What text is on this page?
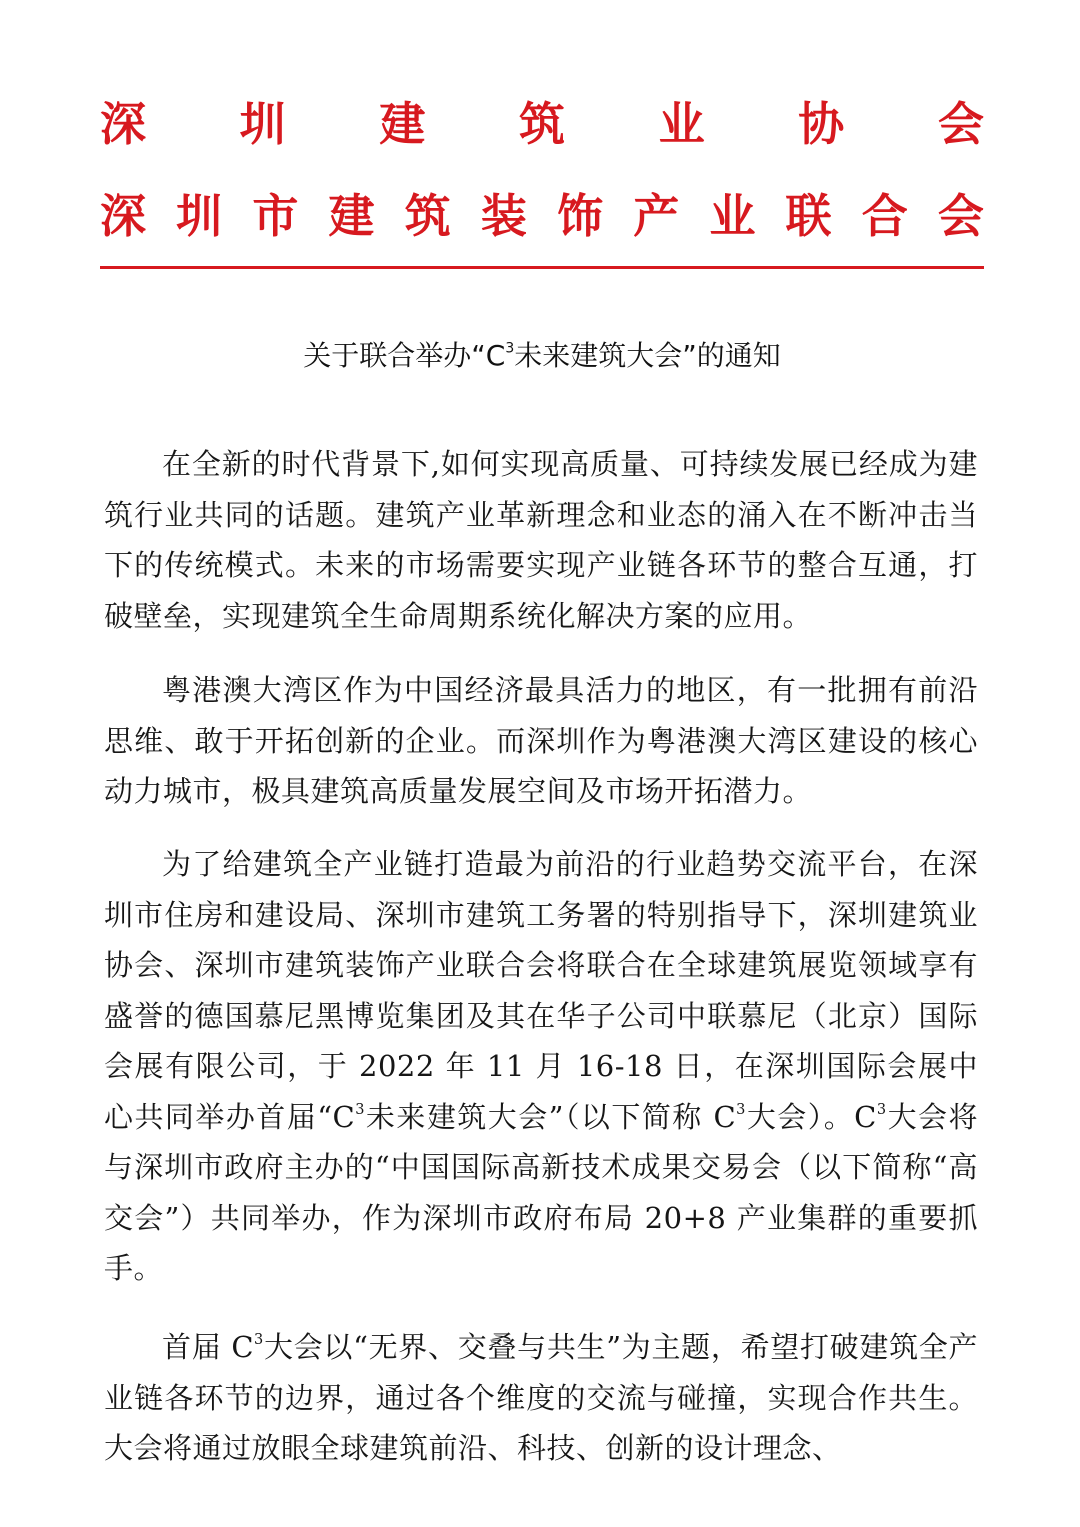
深 圳 建 筑 业 协 会
深 圳 市 建 筑 装 饰 产 业 联 合 会
关于联合举办“$C^3$未来建筑大会”的通知

在全新的时代背景下,如何实现高质量、可持续发展已经成为建筑行业共同的话题。建筑产业革新理念和业态的涌入在不断冲击当下的传统模式。未来的市场需要实现产业链各环节的整合互通，打破壁垒，实现建筑全生命周期系统化解决方案的应用。

粤港澳大湾区作为中国经济最具活力的地区，有一批拥有前沿思维、敢于开拓创新的企业。而深圳作为粤港澳大湾区建设的核心动力城市，极具建筑高质量发展空间及市场开拓潜力。

为了给建筑全产业链打造最为前沿的行业趋势交流平台，在深圳市住房和建设局、深圳市建筑工务署的特别指导下，深圳建筑业协会、深圳市建筑装饰产业联合会将联合在全球建筑展览领域享有盛誉的德国慕尼黑博览集团及其在华子公司中联慕尼（北京）国际会展有限公司，于 2022 年 11 月 16-18 日，在深圳国际会展中心共同举办首届“$C^3$未来建筑大会”（以下简称 $C^3$大会）。$C^3$大会将与深圳市政府主办的“中国国际高新技术成果交易会（以下简称“高交会”）共同举办，作为深圳市政府布局 20+8 产业集群的重要抓手。

首届 $C^3$大会以“无界、交叠与共生”为主题，希望打破建筑全产业链各环节的边界，通过各个维度的交流与碰撞，实现合作共生。大会将通过放眼全球建筑前沿、科技、创新的设计理念、
